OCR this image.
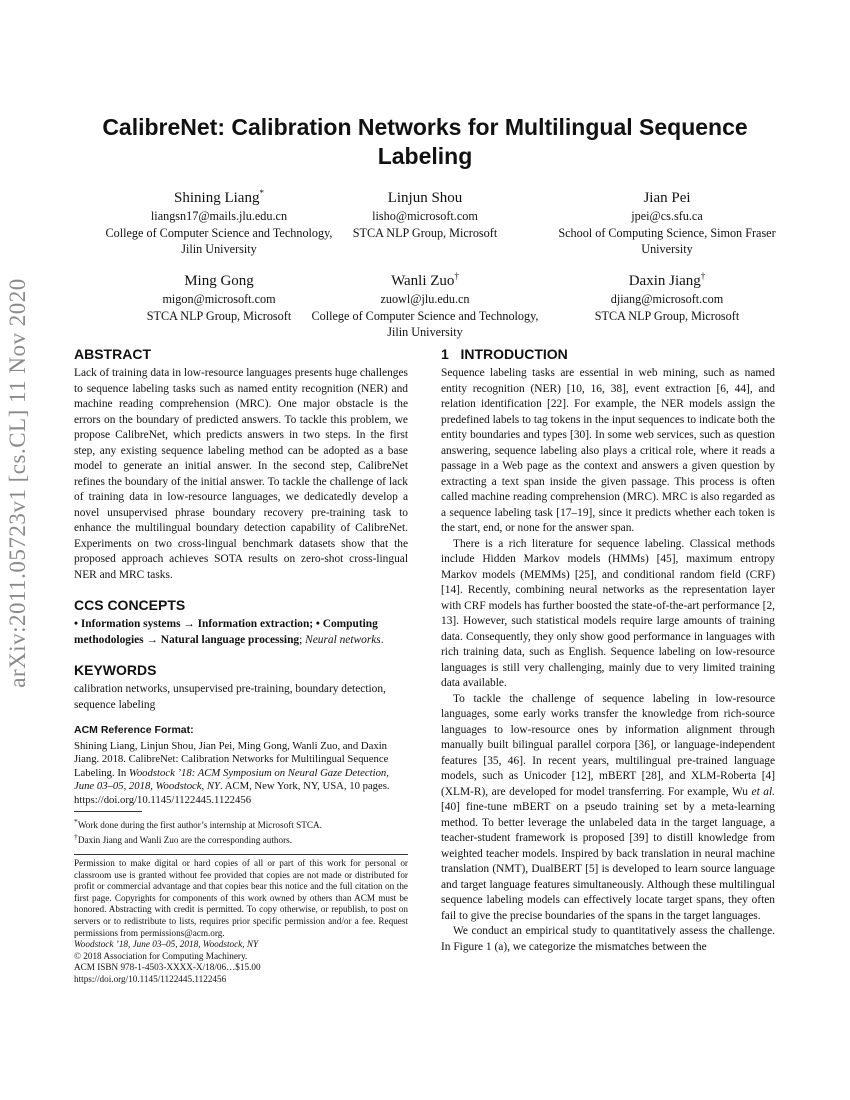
arXiv:2011.05723v1 [cs.CL] 11 Nov 2020
CalibreNet: Calibration Networks for Multilingual Sequence Labeling
Shining Liang*
liangsn17@mails.jlu.edu.cn
College of Computer Science and Technology, Jilin University
Linjun Shou
lisho@microsoft.com
STCA NLP Group, Microsoft
Jian Pei
jpei@cs.sfu.ca
School of Computing Science, Simon Fraser University
Ming Gong
migon@microsoft.com
STCA NLP Group, Microsoft
Wanli Zuo†
zuowl@jlu.edu.cn
College of Computer Science and Technology, Jilin University
Daxin Jiang†
djiang@microsoft.com
STCA NLP Group, Microsoft
ABSTRACT

Lack of training data in low-resource languages presents huge challenges to sequence labeling tasks such as named entity recognition (NER) and machine reading comprehension (MRC). One major obstacle is the errors on the boundary of predicted answers. To tackle this problem, we propose CalibreNet, which predicts answers in two steps. In the first step, any existing sequence labeling method can be adopted as a base model to generate an initial answer. In the second step, CalibreNet refines the boundary of the initial answer. To tackle the challenge of lack of training data in low-resource languages, we dedicatedly develop a novel unsupervised phrase boundary recovery pre-training task to enhance the multilingual boundary detection capability of CalibreNet. Experiments on two cross-lingual benchmark datasets show that the proposed approach achieves SOTA results on zero-shot cross-lingual NER and MRC tasks.

CCS CONCEPTS

• Information systems → Information extraction; • Computing methodologies → Natural language processing; Neural networks.

KEYWORDS

calibration networks, unsupervised pre-training, boundary detection, sequence labeling

ACM Reference Format:

Shining Liang, Linjun Shou, Jian Pei, Ming Gong, Wanli Zuo, and Daxin Jiang. 2018. CalibreNet: Calibration Networks for Multilingual Sequence Labeling. In Woodstock ’18: ACM Symposium on Neural Gaze Detection, June 03–05, 2018, Woodstock, NY. ACM, New York, NY, USA, 10 pages. https://doi.org/10.1145/1122445.1122456

*Work done during the first author’s internship at Microsoft STCA.

†Daxin Jiang and Wanli Zuo are the corresponding authors.

Permission to make digital or hard copies of all or part of this work for personal or classroom use is granted without fee provided that copies are not made or distributed for profit or commercial advantage and that copies bear this notice and the full citation on the first page. Copyrights for components of this work owned by others than ACM must be honored. Abstracting with credit is permitted. To copy otherwise, or republish, to post on servers or to redistribute to lists, requires prior specific permission and/or a fee. Request permissions from permissions@acm.org.

Woodstock ’18, June 03–05, 2018, Woodstock, NY

© 2018 Association for Computing Machinery.

ACM ISBN 978-1-4503-XXXX-X/18/06…$15.00

https://doi.org/10.1145/1122445.1122456

1   INTRODUCTION

Sequence labeling tasks are essential in web mining, such as named entity recognition (NER) [10, 16, 38], event extraction [6, 44], and relation identification [22]. For example, the NER models assign the predefined labels to tag tokens in the input sequences to indicate both the entity boundaries and types [30]. In some web services, such as question answering, sequence labeling also plays a critical role, where it reads a passage in a Web page as the context and answers a given question by extracting a text span inside the given passage. This process is often called machine reading comprehension (MRC). MRC is also regarded as a sequence labeling task [17–19], since it predicts whether each token is the start, end, or none for the answer span.

There is a rich literature for sequence labeling. Classical methods include Hidden Markov models (HMMs) [45], maximum entropy Markov models (MEMMs) [25], and conditional random field (CRF) [14]. Recently, combining neural networks as the representation layer with CRF models has further boosted the state-of-the-art performance [2, 13]. However, such statistical models require large amounts of training data. Consequently, they only show good performance in languages with rich training data, such as English. Sequence labeling on low-resource languages is still very challenging, mainly due to very limited training data available.

To tackle the challenge of sequence labeling in low-resource languages, some early works transfer the knowledge from rich-source languages to low-resource ones by information alignment through manually built bilingual parallel corpora [36], or language-independent features [35, 46]. In recent years, multilingual pre-trained language models, such as Unicoder [12], mBERT [28], and XLM-Roberta [4] (XLM-R), are developed for model transferring. For example, Wu et al. [40] fine-tune mBERT on a pseudo training set by a meta-learning method. To better leverage the unlabeled data in the target language, a teacher-student framework is proposed [39] to distill knowledge from weighted teacher models. Inspired by back translation in neural machine translation (NMT), DualBERT [5] is developed to learn source language and target language features simultaneously. Although these multilingual sequence labeling models can effectively locate target spans, they often fail to give the precise boundaries of the spans in the target languages.

We conduct an empirical study to quantitatively assess the challenge. In Figure 1 (a), we categorize the mismatches between the
